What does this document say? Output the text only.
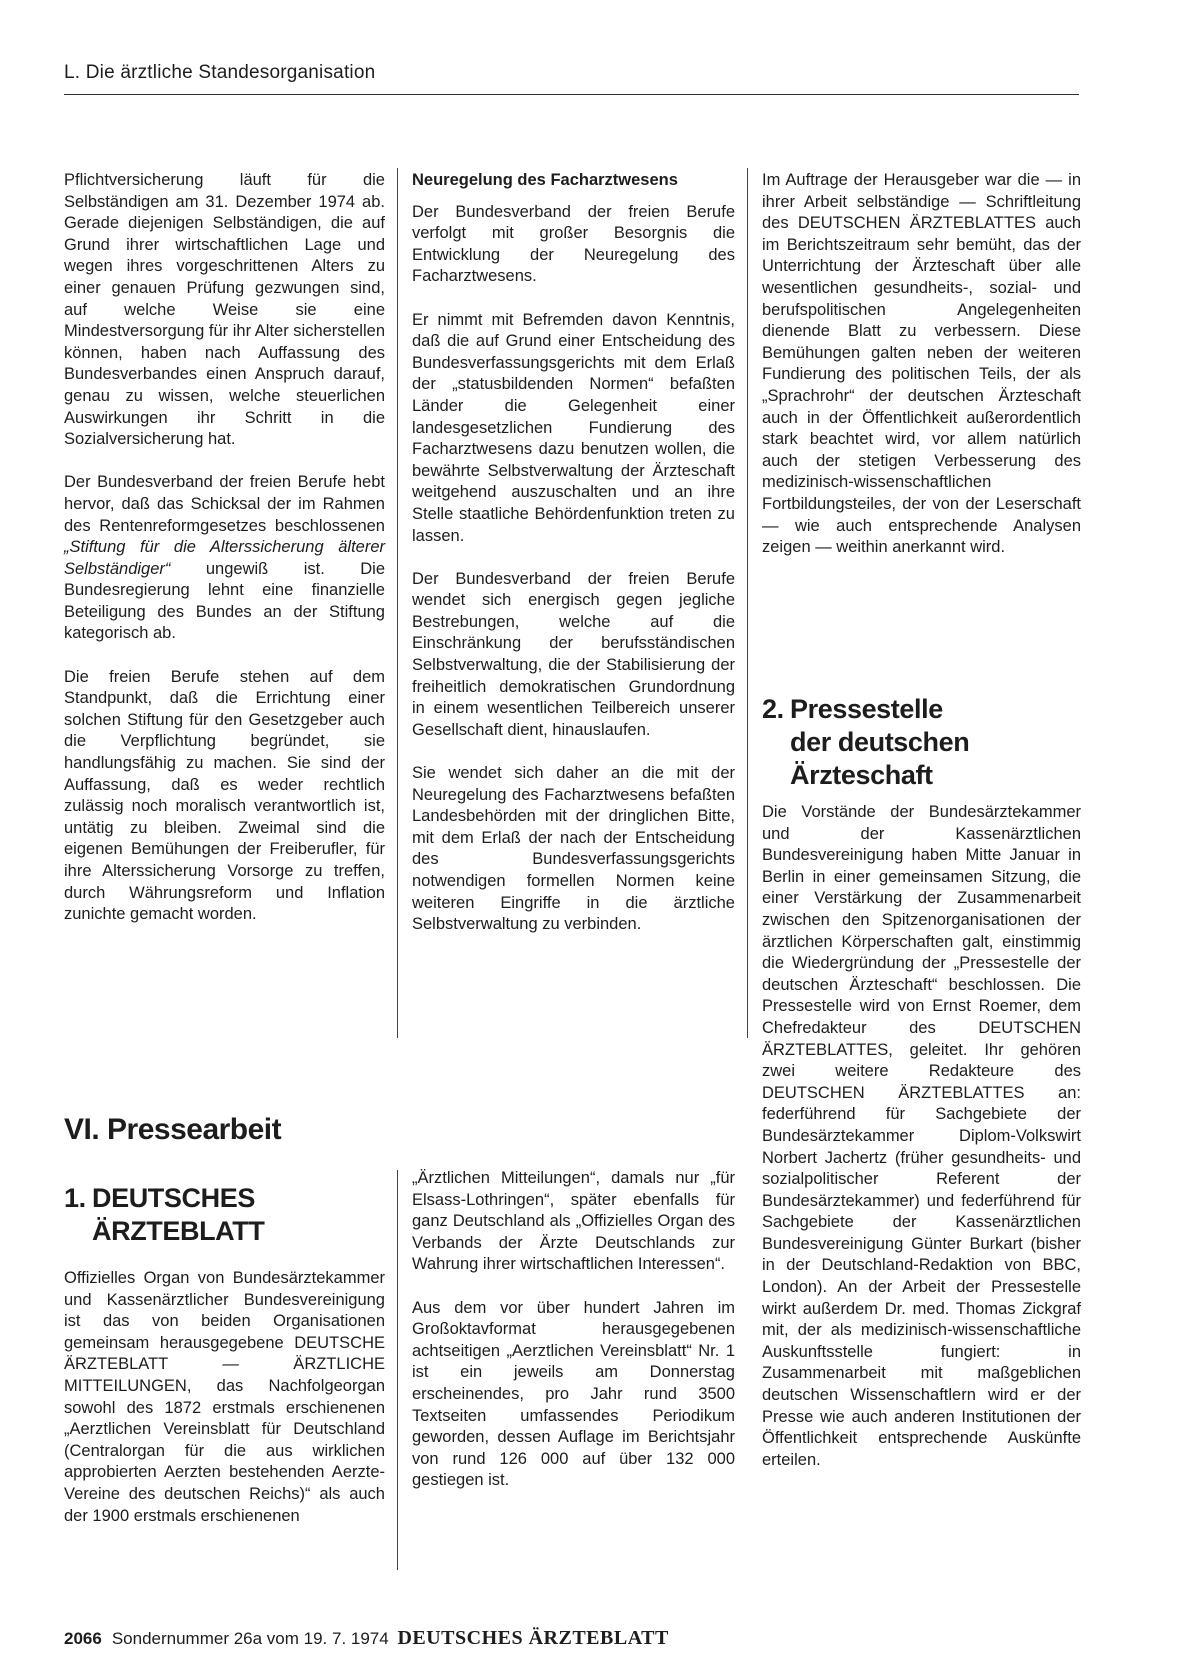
L. Die ärztliche Standesorganisation

Pflichtversicherung läuft für die Selbständigen am 31. Dezember 1974 ab. Gerade diejenigen Selbständigen, die auf Grund ihrer wirtschaftlichen Lage und wegen ihres vorgeschrittenen Alters zu einer genauen Prüfung gezwungen sind, auf welche Weise sie eine Mindestversorgung für ihr Alter sicherstellen können, haben nach Auffassung des Bundesverbandes einen Anspruch darauf, genau zu wissen, welche steuerlichen Auswirkungen ihr Schritt in die Sozialversicherung hat.

Der Bundesverband der freien Berufe hebt hervor, daß das Schicksal der im Rahmen des Rentenreformgesetzes beschlossenen „Stiftung für die Alterssicherung älterer Selbständiger“ ungewiß ist. Die Bundesregierung lehnt eine finanzielle Beteiligung des Bundes an der Stiftung kategorisch ab.

Die freien Berufe stehen auf dem Standpunkt, daß die Errichtung einer solchen Stiftung für den Gesetzgeber auch die Verpflichtung begründet, sie handlungsfähig zu machen. Sie sind der Auffassung, daß es weder rechtlich zulässig noch moralisch verantwortlich ist, untätig zu bleiben. Zweimal sind die eigenen Bemühungen der Freiberufler, für ihre Alterssicherung Vorsorge zu treffen, durch Währungsreform und Inflation zunichte gemacht worden.

Neuregelung des Facharztwesens

Der Bundesverband der freien Berufe verfolgt mit großer Besorgnis die Entwicklung der Neuregelung des Facharztwesens.

Er nimmt mit Befremden davon Kenntnis, daß die auf Grund einer Entscheidung des Bundesverfassungsgerichts mit dem Erlaß der „statusbildenden Normen“ befaßten Länder die Gelegenheit einer landesgesetzlichen Fundierung des Facharztwesens dazu benutzen wollen, die bewährte Selbstverwaltung der Ärzteschaft weitgehend auszuschalten und an ihre Stelle staatliche Behördenfunktion treten zu lassen.

Der Bundesverband der freien Berufe wendet sich energisch gegen jegliche Bestrebungen, welche auf die Einschränkung der berufsständischen Selbstverwaltung, die der Stabilisierung der freiheitlich demokratischen Grundordnung in einem wesentlichen Teilbereich unserer Gesellschaft dient, hinauslaufen.

Sie wendet sich daher an die mit der Neuregelung des Facharztwesens befaßten Landesbehörden mit der dringlichen Bitte, mit dem Erlaß der nach der Entscheidung des Bundesverfassungsgerichts notwendigen formellen Normen keine weiteren Eingriffe in die ärztliche Selbstverwaltung zu verbinden.

Im Auftrage der Herausgeber war die — in ihrer Arbeit selbständige — Schriftleitung des DEUTSCHEN ÄRZTEBLATTES auch im Berichtszeitraum sehr bemüht, das der Unterrichtung der Ärzteschaft über alle wesentlichen gesundheits-, sozial- und berufspolitischen Angelegenheiten dienende Blatt zu verbessern. Diese Bemühungen galten neben der weiteren Fundierung des politischen Teils, der als „Sprachrohr“ der deutschen Ärzteschaft auch in der Öffentlichkeit außerordentlich stark beachtet wird, vor allem natürlich auch der stetigen Verbesserung des medizinisch-wissenschaftlichen Fortbildungsteiles, der von der Leserschaft — wie auch entsprechende Analysen zeigen — weithin anerkannt wird.

VI. Pressearbeit
1. DEUTSCHES
ÄRZTEBLATT

Offizielles Organ von Bundesärztekammer und Kassenärztlicher Bundesvereinigung ist das von beiden Organisationen gemeinsam herausgegebene DEUTSCHE ÄRZTEBLATT — ÄRZTLICHE MITTEILUNGEN, das Nachfolgeorgan sowohl des 1872 erstmals erschienenen „Aerztlichen Vereinsblatt für Deutschland (Centralorgan für die aus wirklichen approbierten Aerzten bestehenden Aerzte-Vereine des deutschen Reichs)“ als auch der 1900 erstmals erschienenen

„Ärztlichen Mitteilungen“, damals nur „für Elsass-Lothringen“, später ebenfalls für ganz Deutschland als „Offizielles Organ des Verbands der Ärzte Deutschlands zur Wahrung ihrer wirtschaftlichen Interessen“.

Aus dem vor über hundert Jahren im Großoktavformat herausgegebenen achtseitigen „Aerztlichen Vereinsblatt“ Nr. 1 ist ein jeweils am Donnerstag erscheinendes, pro Jahr rund 3500 Textseiten umfassendes Periodikum geworden, dessen Auflage im Berichtsjahr von rund 126 000 auf über 132 000 gestiegen ist.

2. Pressestelle
der deutschen
Ärzteschaft

Die Vorstände der Bundesärztekammer und der Kassenärztlichen Bundesvereinigung haben Mitte Januar in Berlin in einer gemeinsamen Sitzung, die einer Verstärkung der Zusammenarbeit zwischen den Spitzenorganisationen der ärztlichen Körperschaften galt, einstimmig die Wiedergründung der „Pressestelle der deutschen Ärzteschaft“ beschlossen. Die Pressestelle wird von Ernst Roemer, dem Chefredakteur des DEUTSCHEN ÄRZTEBLATTES, geleitet. Ihr gehören zwei weitere Redakteure des DEUTSCHEN ÄRZTEBLATTES an: federführend für Sachgebiete der Bundesärztekammer Diplom-Volkswirt Norbert Jachertz (früher gesundheits- und sozialpolitischer Referent der Bundesärztekammer) und federführend für Sachgebiete der Kassenärztlichen Bundesvereinigung Günter Burkart (bisher in der Deutschland-Redaktion von BBC, London). An der Arbeit der Pressestelle wirkt außerdem Dr. med. Thomas Zickgraf mit, der als medizinisch-wissenschaftliche Auskunftsstelle fungiert: in Zusammenarbeit mit maßgeblichen deutschen Wissenschaftlern wird er der Presse wie auch anderen Institutionen der Öffentlichkeit entsprechende Auskünfte erteilen.

2066 Sondernummer 26a vom 19. 7. 1974 DEUTSCHES ÄRZTEBLATT
